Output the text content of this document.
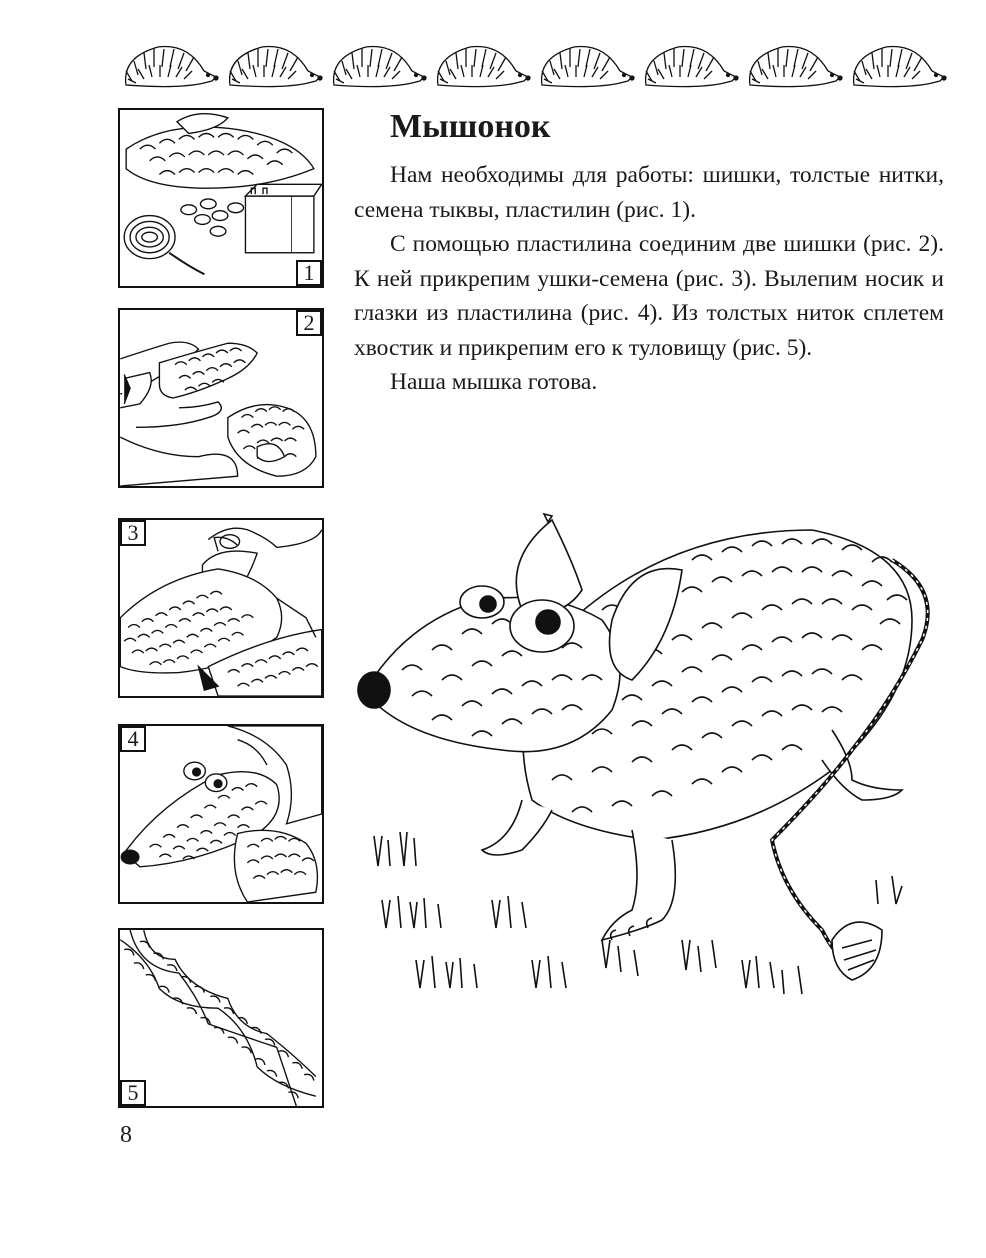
1
2
3
4
5
Мышонок

Нам необходимы для работы: шишки, толстые нитки, семена тыквы, пластилин (рис. 1).

С помощью пластилина соединим две шишки (рис. 2). К ней прикрепим ушки-семена (рис. 3). Вылепим носик и глазки из пластилина (рис. 4). Из толстых ниток сплетем хвостик и прикрепим его к туловищу (рис. 5).

Наша мышка готова.

8
